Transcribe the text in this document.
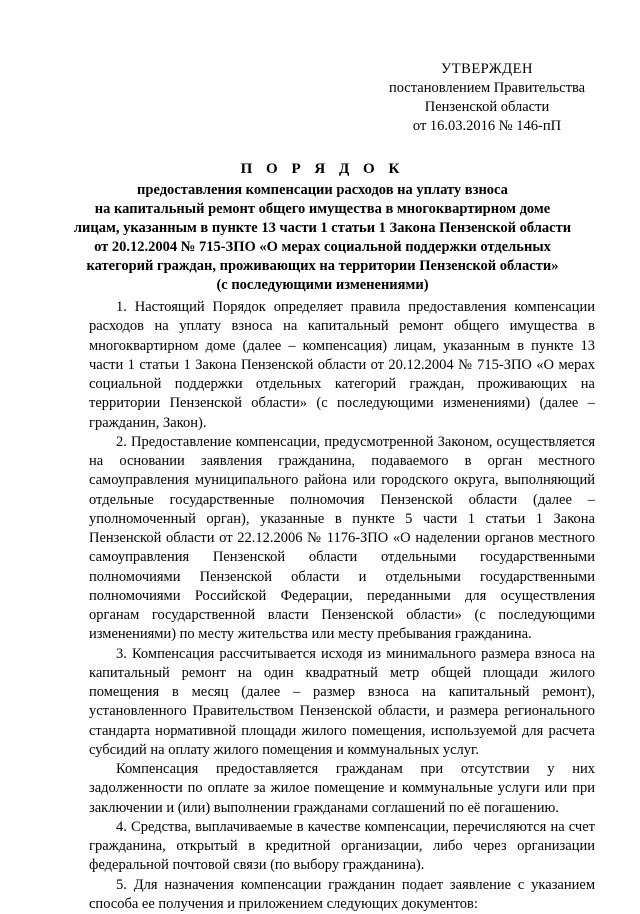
УТВЕРЖДЕН
постановлением Правительства
Пензенской области
от 16.03.2016 № 146-пП
П О Р Я Д О К
предоставления компенсации расходов на уплату взноса
на капитальный ремонт общего имущества в многоквартирном доме
лицам, указанным в пункте 13 части 1 статьи 1 Закона Пензенской области
от 20.12.2004 № 715-ЗПО «О мерах социальной поддержки отдельных
категорий граждан, проживающих на территории Пензенской области»
(с последующими изменениями)

1. Настоящий Порядок определяет правила предоставления компенсации расходов на уплату взноса на капитальный ремонт общего имущества в многоквартирном доме (далее – компенсация) лицам, указанным в пункте 13 части 1 статьи 1 Закона Пензенской области от 20.12.2004 № 715-ЗПО «О мерах социальной поддержки отдельных категорий граждан, проживающих на территории Пензенской области» (с последующими изменениями) (далее – гражданин, Закон).

2. Предоставление компенсации, предусмотренной Законом, осуществляется на основании заявления гражданина, подаваемого в орган местного самоуправления муниципального района или городского округа, выполняющий отдельные государственные полномочия Пензенской области (далее – уполномоченный орган), указанные в пункте 5 части 1 статьи 1 Закона Пензенской области от 22.12.2006 № 1176-ЗПО «О наделении органов местного самоуправления Пензенской области отдельными государственными полномочиями Пензенской области и отдельными государственными полномочиями Российской Федерации, переданными для осуществления органам государственной власти Пензенской области» (с последующими изменениями) по месту жительства или месту пребывания гражданина.

3. Компенсация рассчитывается исходя из минимального размера взноса на капитальный ремонт на один квадратный метр общей площади жилого помещения в месяц (далее – размер взноса на капитальный ремонт), установленного Правительством Пензенской области, и размера регионального стандарта нормативной площади жилого помещения, используемой для расчета субсидий на оплату жилого помещения и коммунальных услуг.

Компенсация предоставляется гражданам при отсутствии у них задолженности по оплате за жилое помещение и коммунальные услуги или при заключении и (или) выполнении гражданами соглашений по её погашению.

4. Средства, выплачиваемые в качестве компенсации, перечисляются на счет гражданина, открытый в кредитной организации, либо через организации федеральной почтовой связи (по выбору гражданина).

5. Для назначения компенсации гражданин подает заявление с указанием способа ее получения и приложением следующих документов:
